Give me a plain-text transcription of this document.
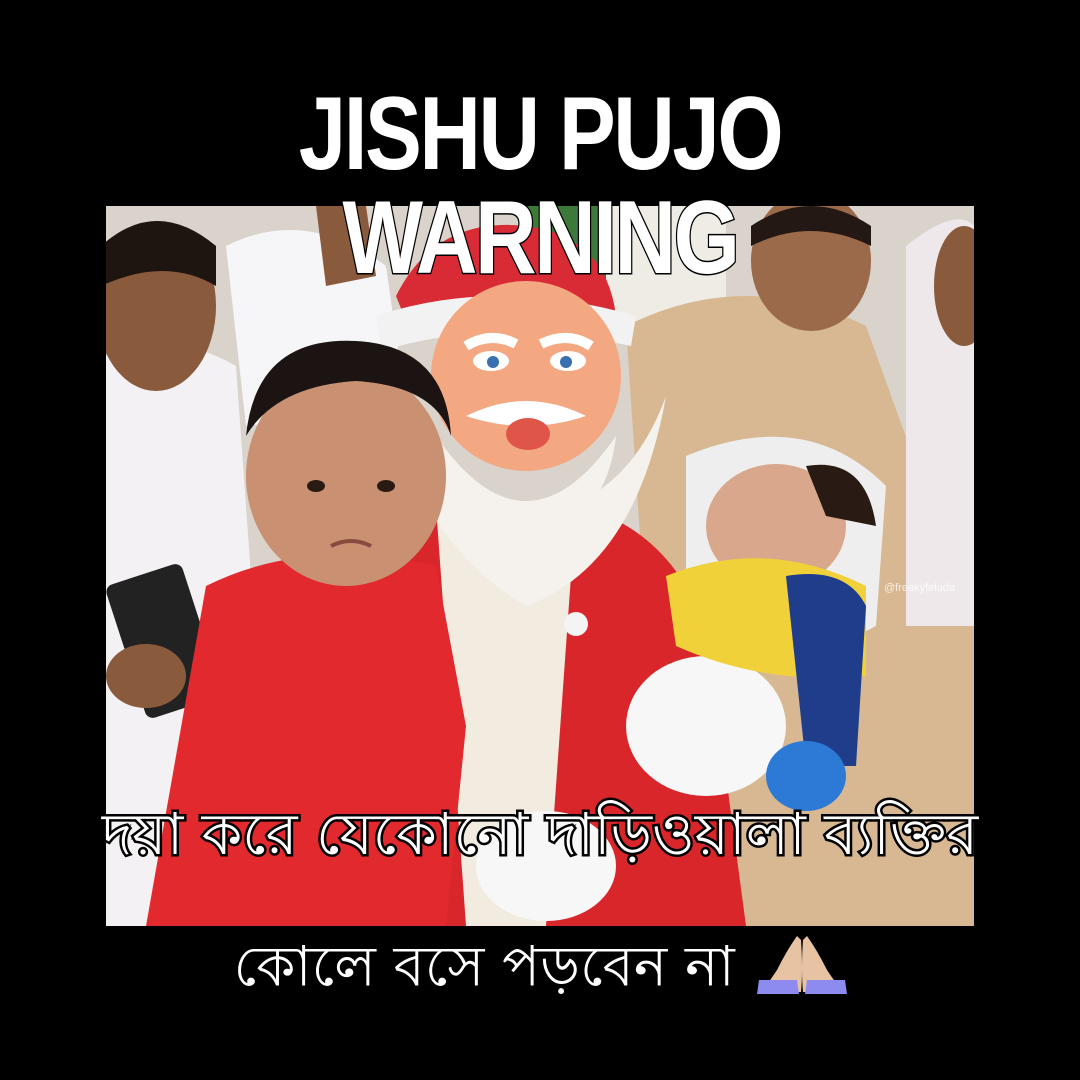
JISHU PUJO WARNING
@freakyfeluda
দয়া করে যেকোনো দাড়িওয়ালা ব্যক্তির
কোলে বসে পড়বেন না
